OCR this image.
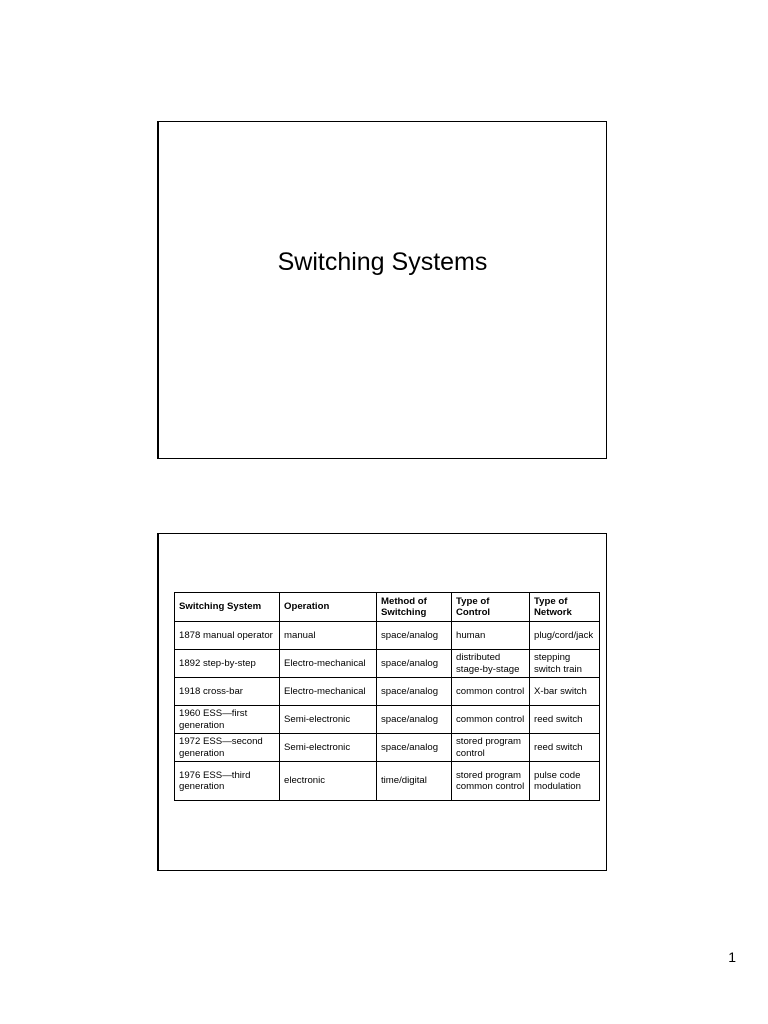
Switching Systems
Switching System	Operation	Method of Switching	Type of Control	Type of Network
1878 manual operator	manual	space/analog	human	plug/cord/jack
1892 step-by-step	Electro-mechanical	space/analog	distributed stage-by-stage	stepping switch train
1918 cross-bar	Electro-mechanical	space/analog	common control	X-bar switch
1960 ESS—first generation	Semi-electronic	space/analog	common control	reed switch
1972 ESS—second generation	Semi-electronic	space/analog	stored program control	reed switch
1976 ESS—third generation	electronic	time/digital	stored program common control	pulse code modulation
1
